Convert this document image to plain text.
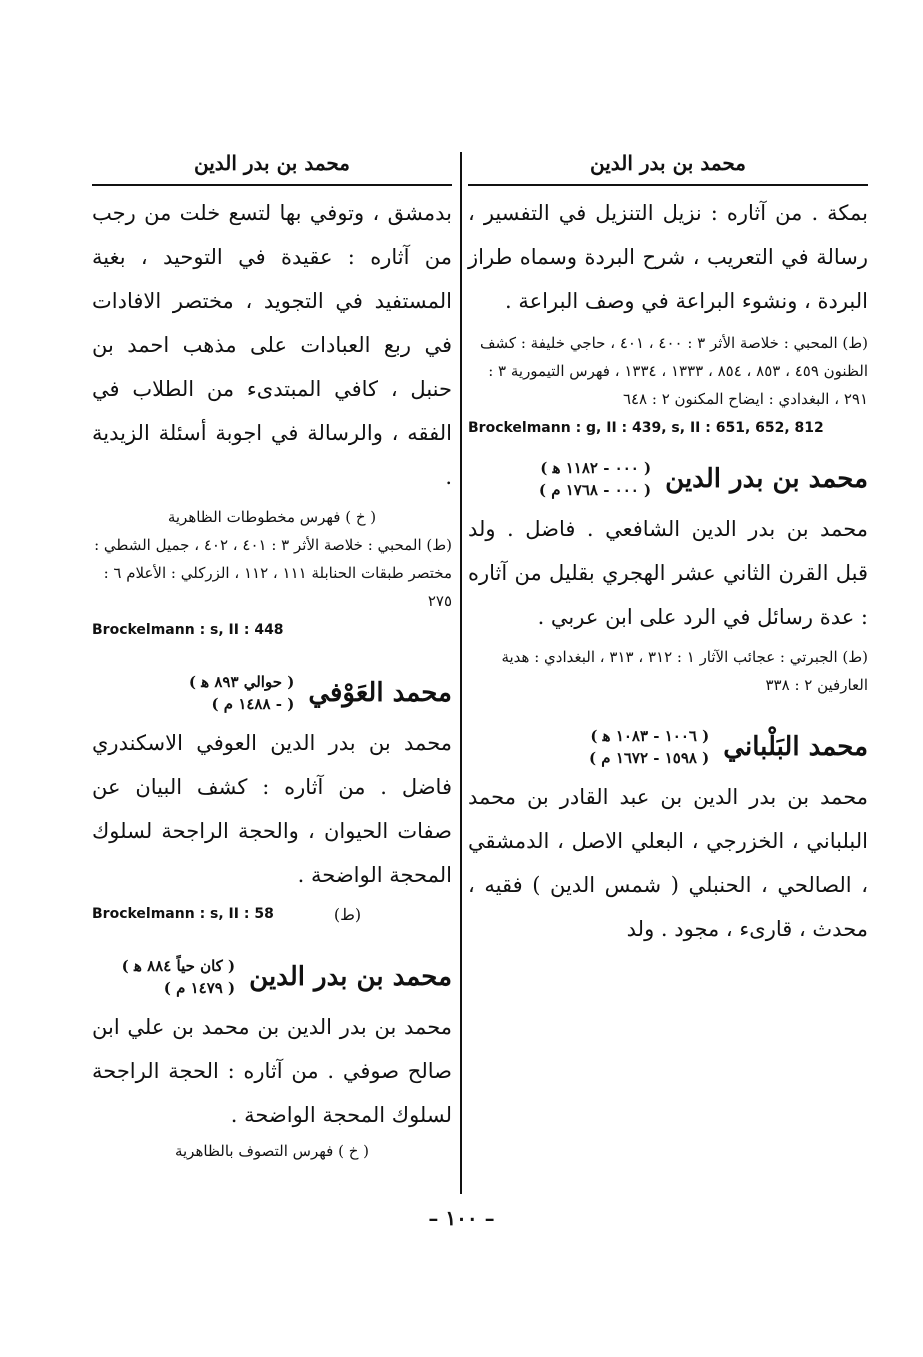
محمد بن بدر الدين

بمكة . من آثاره : نزيل التنزيل في التفسير ، رسالة في التعريب ، شرح البردة وسماه طراز البردة ، ونشوء البراعة في وصف البراعة .

(ط) المحبي : خلاصة الأثر ٣ : ٤٠٠ ، ٤٠١ ، حاجي خليفة : كشف الظنون ٤٥٩ ، ٨٥٣ ، ٨٥٤ ، ١٣٣٣ ، ١٣٣٤ ، فهرس التيمورية ٣ : ٢٩١ ، البغدادي : ايضاح المكنون ٢ : ٦٤٨

Brockelmann : g, II : 439, s, II : 651, 652, 812

محمد بن بدر الدين
( ٠٠٠ - ١١٨٢ ﻫ )
( ٠٠٠ - ١٧٦٨ م )

محمد بن بدر الدين الشافعي . فاضل . ولد قبل القرن الثاني عشر الهجري بقليل من آثاره : عدة رسائل في الرد على ابن عربي .

(ط) الجبرتي : عجائب الآثار ١ : ٣١٢ ، ٣١٣ ، البغدادي : هدية العارفين ٢ : ٣٣٨

محمد البَلْباني
( ١٠٠٦ - ١٠٨٣ ﻫ )
( ١٥٩٨ - ١٦٧٢ م )

محمد بن بدر الدين بن عبد القادر بن محمد البلباني ، الخزرجي ، البعلي الاصل ، الدمشقي ، الصالحي ، الحنبلي ( شمس الدين ) فقيه ، محدث ، قارىء ، مجود . ولد

محمد بن بدر الدين

بدمشق ، وتوفي بها لتسع خلت من رجب من آثاره : عقيدة في التوحيد ، بغية المستفيد في التجويد ، مختصر الافادات في ربع العبادات على مذهب احمد بن حنبل ، كافي المبتدىء من الطلاب في الفقه ، والرسالة في اجوبة أسئلة الزيدية .

( خ ) فهرس مخطوطات الظاهرية

(ط) المحبي : خلاصة الأثر ٣ : ٤٠١ ، ٤٠٢ ، جميل الشطي : مختصر طبقات الحنابلة ١١١ ، ١١٢ ، الزركلي : الأعلام ٦ : ٢٧٥

Brockelmann : s, II : 448

محمد العَوْفي
( حوالي ٨٩٣ ﻫ )
( - ١٤٨٨ م )

محمد بن بدر الدين العوفي الاسكندري فاضل . من آثاره : كشف البيان عن صفات الحيوان ، والحجة الراجحة لسلوك المحجة الواضحة .

Brockelmann : s, II : 58	(ط)
محمد بن بدر الدين
( كان حياً ٨٨٤ ﻫ )
( ١٤٧٩ م )

محمد بن بدر الدين بن محمد بن علي ابن صالح صوفي . من آثاره : الحجة الراجحة لسلوك المحجة الواضحة .

( خ ) فهرس التصوف بالظاهرية

– ١٠٠ –
